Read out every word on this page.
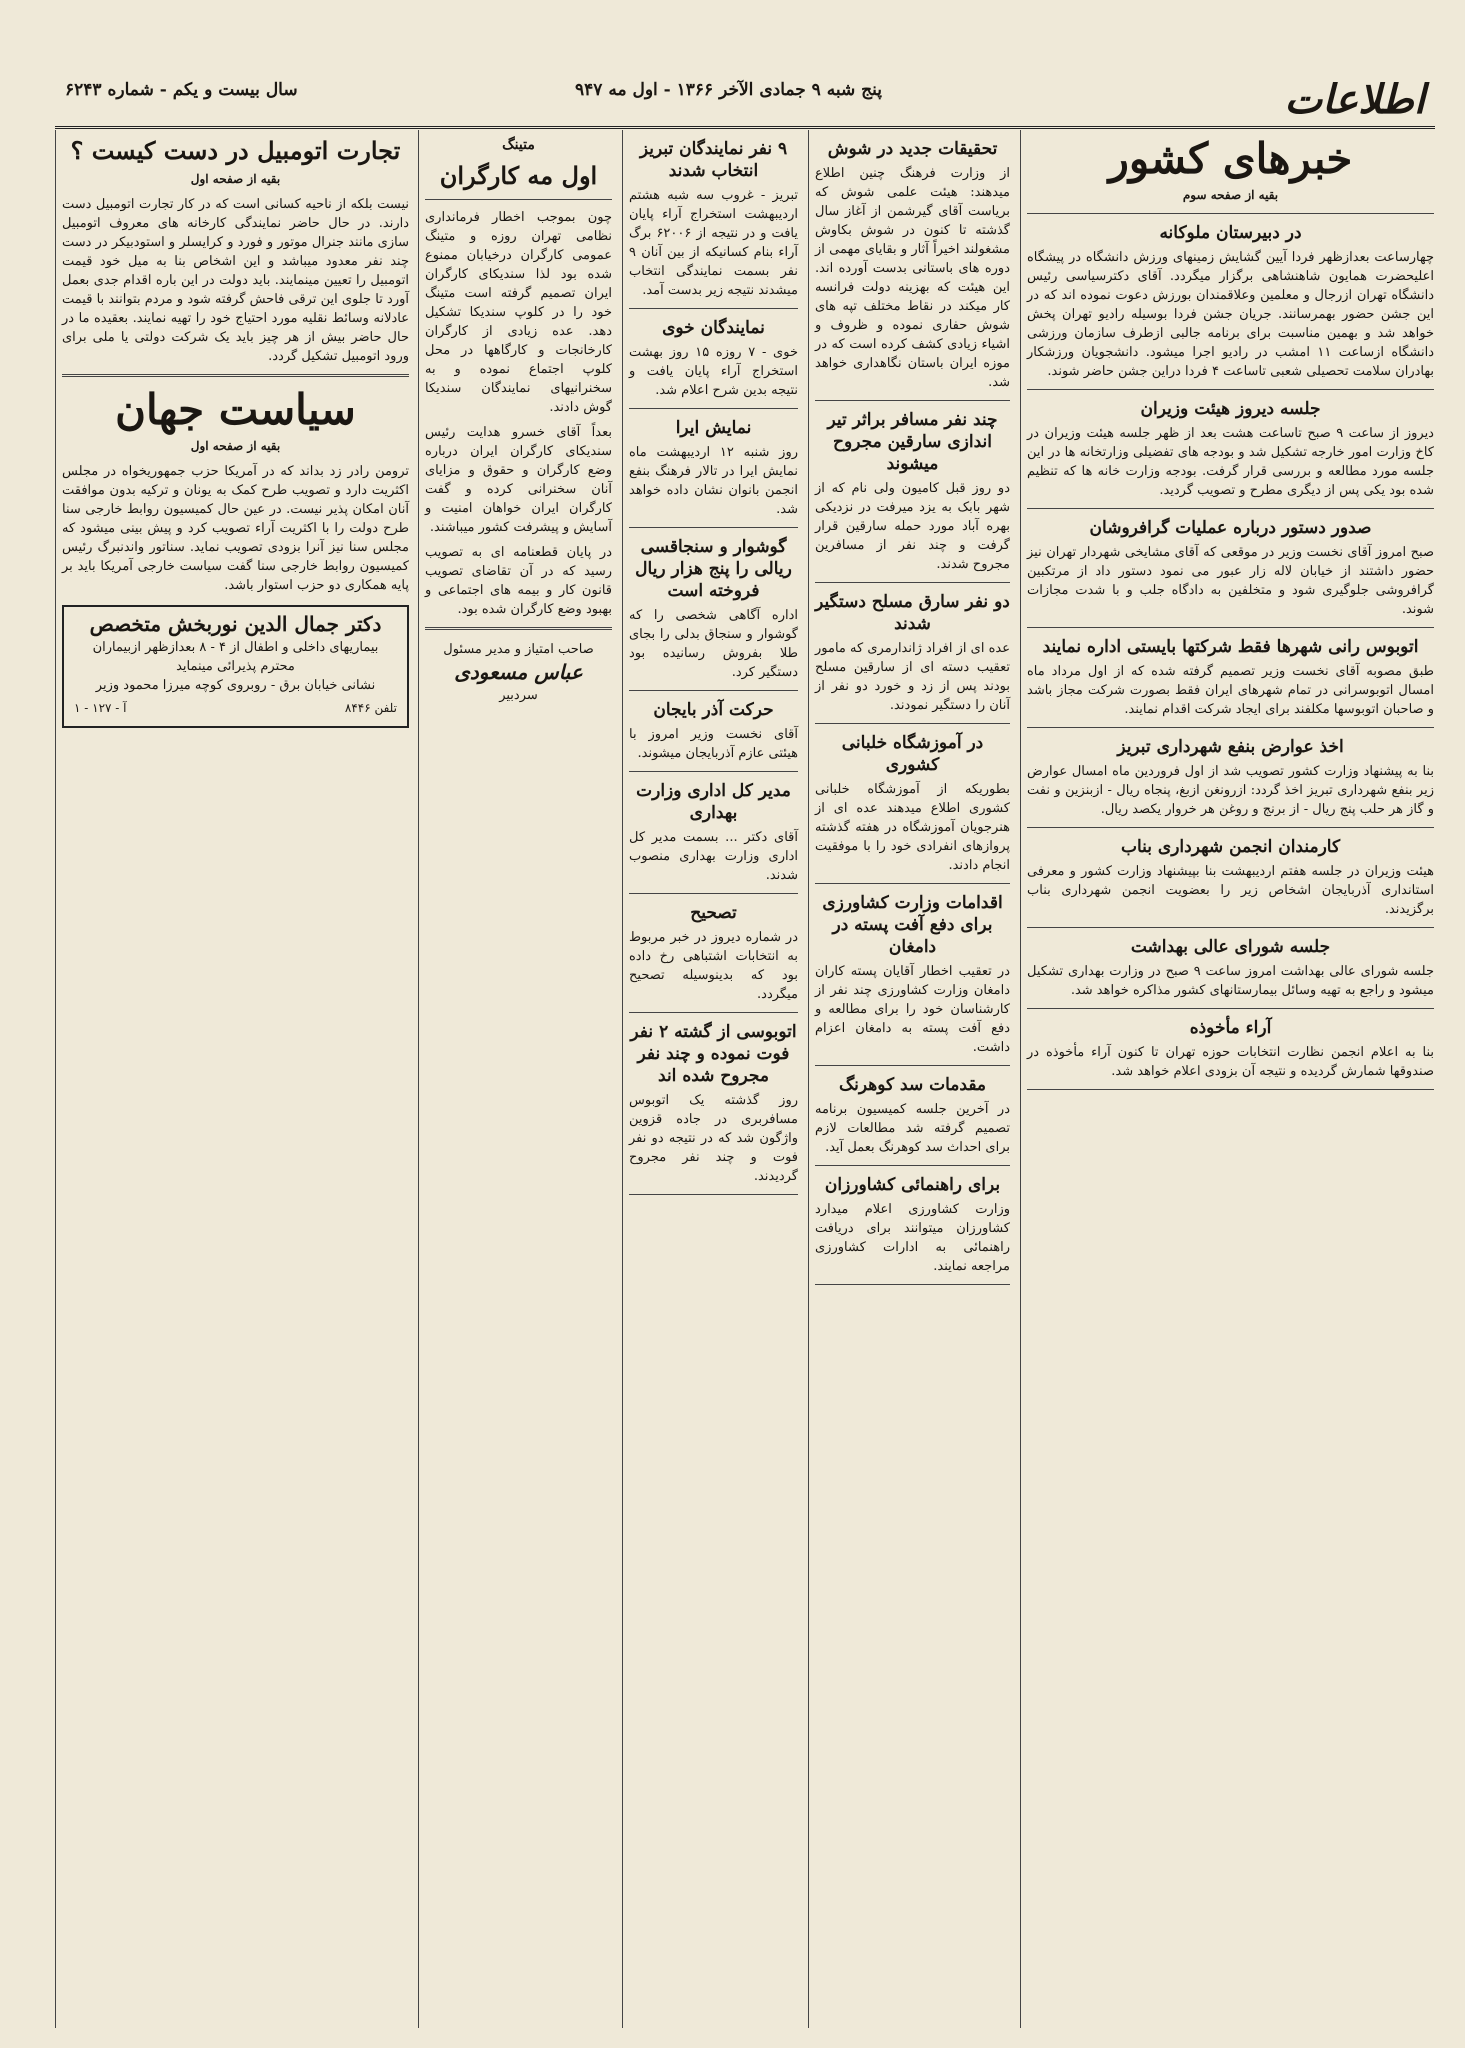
سال بیست و یکم - شماره ۶۲۴۳	پنج شبه ۹ جمادی الآخر ۱۳۶۶ - اول مه ۹۴۷	اطلاعات
خبرهای کشور
بقیه از صفحه سوم
در دبیرستان ملوکانه

چهارساعت بعدازظهر فردا آیین گشایش زمینهای ورزش دانشگاه در پیشگاه اعلیحضرت همایون شاهنشاهی برگزار میگردد. آقای دکترسیاسی رئیس دانشگاه تهران ازرجال و معلمین وعلاقمندان بورزش دعوت نموده اند که در این جشن حضور بهمرسانند. جریان جشن فردا بوسیله رادیو تهران پخش خواهد شد و بهمین مناسبت برای برنامه جالبی ازطرف سازمان ورزشی دانشگاه ازساعت ۱۱ امشب در رادیو اجرا میشود. دانشجویان ورزشکار بهادران سلامت تحصیلی شعبی تاساعت ۴ فردا دراین جشن حاضر شوند.

جلسه دیروز هیئت وزیران

دیروز از ساعت ۹ صبح تاساعت هشت بعد از ظهر جلسه هیئت وزیران در کاخ وزارت امور خارجه تشکیل شد و بودجه های تفضیلی وزارتخانه ها در این جلسه مورد مطالعه و بررسی قرار گرفت. بودجه وزارت خانه ها که تنظیم شده بود یکی پس از دیگری مطرح و تصویب گردید.

صدور دستور درباره عملیات گرافروشان

صبح امروز آقای نخست وزیر در موقعی که آقای مشایخی شهردار تهران نیز حضور داشتند از خیابان لاله زار عبور می نمود دستور داد از مرتکبین گرافروشی جلوگیری شود و متخلفین به دادگاه جلب و با شدت مجازات شوند.

اتوبوس رانی شهرها فقط شرکتها بایستی اداره نمایند

طبق مصوبه آقای نخست وزیر تصمیم گرفته شده که از اول مرداد ماه امسال اتوبوسرانی در تمام شهرهای ایران فقط بصورت شرکت مجاز باشد و صاحبان اتوبوسها مکلفند برای ایجاد شرکت اقدام نمایند.

اخذ عوارض بنفع شهرداری تبریز

بنا به پیشنهاد وزارت کشور تصویب شد از اول فروردین ماه امسال عوارض زیر بنفع شهرداری تبریز اخذ گردد: ازرونغن ازبغ، پنجاه ریال - ازبنزین و نفت و گاز هر حلب پنج ریال - از برنج و روغن هر خروار یکصد ریال.

کارمندان انجمن شهرداری بناب

هیئت وزیران در جلسه هفتم اردیبهشت بنا بپیشنهاد وزارت کشور و معرفی استانداری آذربایجان اشخاص زیر را بعضویت انجمن شهرداری بناب برگزیدند.

جلسه شورای عالی بهداشت

جلسه شورای عالی بهداشت امروز ساعت ۹ صبح در وزارت بهداری تشکیل میشود و راجع به تهیه وسائل بیمارستانهای کشور مذاکره خواهد شد.

آراء مأخوذه

بنا به اعلام انجمن نظارت انتخابات حوزه تهران تا کنون آراء مأخوذه در صندوقها شمارش گردیده و نتیجه آن بزودی اعلام خواهد شد.

تحقیقات جدید در شوش

از وزارت فرهنگ چنین اطلاع میدهند: هیئت علمی شوش که بریاست آقای گیرشمن از آغاز سال گذشته تا کنون در شوش بکاوش مشغولند اخیراً آثار و بقایای مهمی از دوره های باستانی بدست آورده اند. این هیئت که بهزینه دولت فرانسه کار میکند در نقاط مختلف تپه های شوش حفاری نموده و ظروف و اشیاء زیادی کشف کرده است که در موزه ایران باستان نگاهداری خواهد شد.

چند نفر مسافر براثر تیر اندازی سارقین مجروح میشوند

دو روز قبل کامیون ولی نام که از شهر بابک به یزد میرفت در نزدیکی بهره آباد مورد حمله سارقین قرار گرفت و چند نفر از مسافرین مجروح شدند.

دو نفر سارق مسلح دستگیر شدند

عده ای از افراد ژاندارمری که مامور تعقیب دسته ای از سارقین مسلح بودند پس از زد و خورد دو نفر از آنان را دستگیر نمودند.

در آموزشگاه خلبانی کشوری

بطوریکه از آموزشگاه خلبانی کشوری اطلاع میدهند عده ای از هنرجویان آموزشگاه در هفته گذشته پروازهای انفرادی خود را با موفقیت انجام دادند.

اقدامات وزارت کشاورزی برای دفع آفت پسته در دامغان

در تعقیب اخطار آقایان پسته کاران دامغان وزارت کشاورزی چند نفر از کارشناسان خود را برای مطالعه و دفع آفت پسته به دامغان اعزام داشت.

مقدمات سد کوهرنگ

در آخرین جلسه کمیسیون برنامه تصمیم گرفته شد مطالعات لازم برای احداث سد کوهرنگ بعمل آید.

برای راهنمائی کشاورزان

وزارت کشاورزی اعلام میدارد کشاورزان میتوانند برای دریافت راهنمائی به ادارات کشاورزی مراجعه نمایند.

۹ نفر نمایندگان تبریز انتخاب شدند

تبریز - غروب سه شبه هشتم اردیبهشت استخراج آراء پایان یافت و در نتیجه از ۶۲۰۰۶ برگ آراء بنام کسانیکه از بین آنان ۹ نفر بسمت نمایندگی انتخاب میشدند نتیجه زیر بدست آمد.

نمایندگان خوی

خوی - ۷ روزه ۱۵ روز بهشت استخراج آراء پایان یافت و نتیجه بدین شرح اعلام شد.

نمایش ایرا

روز شنبه ۱۲ اردیبهشت ماه نمایش ایرا در تالار فرهنگ بنفع انجمن بانوان نشان داده خواهد شد.

گوشوار و سنجاقسی ریالی را پنج هزار ریال فروخته است

اداره آگاهی شخصی را که گوشوار و سنجاق بدلی را بجای طلا بفروش رسانیده بود دستگیر کرد.

حرکت آذر بایجان

آقای نخست وزیر امروز با هیئتی عازم آذربایجان میشوند.

مدیر کل اداری وزارت بهداری

آقای دکتر ... بسمت مدیر کل اداری وزارت بهداری منصوب شدند.

تصحیح

در شماره دیروز در خبر مربوط به انتخابات اشتباهی رخ داده بود که بدینوسیله تصحیح میگردد.

اتوبوسی از گشته ۲ نفر فوت نموده و چند نفر مجروح شده اند

روز گذشته یک اتوبوس مسافربری در جاده قزوین واژگون شد که در نتیجه دو نفر فوت و چند نفر مجروح گردیدند.

متینگ
اول مه کارگران

چون بموجب اخطار فرمانداری نظامی تهران روزه و متینگ عمومی کارگران درخیابان ممنوع شده بود لذا سندیکای کارگران ایران تصمیم گرفته است متینگ خود را در کلوپ سندیکا تشکیل دهد. عده زیادی از کارگران کارخانجات و کارگاهها در محل کلوپ اجتماع نموده و به سخنرانیهای نمایندگان سندیکا گوش دادند.

بعداً آقای خسرو هدایت رئیس سندیکای کارگران ایران درباره وضع کارگران و حقوق و مزایای آنان سخنرانی کرده و گفت کارگران ایران خواهان امنیت و آسایش و پیشرفت کشور میباشند.

در پایان قطعنامه ای به تصویب رسید که در آن تقاضای تصویب قانون کار و بیمه های اجتماعی و بهبود وضع کارگران شده بود.

صاحب امتیاز و مدیر مسئول
عباس مسعودی
سردبیر
تجارت اتومبیل در دست کیست ؟
بقیه از صفحه اول

نیست بلکه از ناحیه کسانی است که در کار تجارت اتومبیل دست دارند. در حال حاضر نمایندگی کارخانه های معروف اتومبیل سازی مانند جنرال موتور و فورد و کرایسلر و استودبیکر در دست چند نفر معدود میباشد و این اشخاص بنا به میل خود قیمت اتومبیل را تعیین مینمایند. باید دولت در این باره اقدام جدی بعمل آورد تا جلوی این ترقی فاحش گرفته شود و مردم بتوانند با قیمت عادلانه وسائط نقلیه مورد احتیاج خود را تهیه نمایند. بعقیده ما در حال حاضر بیش از هر چیز باید یک شرکت دولتی یا ملی برای ورود اتومبیل تشکیل گردد.

سیاست جهان
بقیه از صفحه اول

ترومن رادر زد بداند که در آمریکا حزب جمهوریخواه در مجلس اکثریت دارد و تصویب طرح کمک به یونان و ترکیه بدون موافقت آنان امکان پذیر نیست. در عین حال کمیسیون روابط خارجی سنا طرح دولت را با اکثریت آراء تصویب کرد و پیش بینی میشود که مجلس سنا نیز آنرا بزودی تصویب نماید. سناتور واندنبرگ رئیس کمیسیون روابط خارجی سنا گفت سیاست خارجی آمریکا باید بر پایه همکاری دو حزب استوار باشد.

دکتر جمال الدین نوربخش متخصص
بیماریهای داخلی و اطفال از ۴ - ۸ بعدازظهر ازبیماران محترم پذیرائی مینماید
نشانی خیابان برق - روبروی کوچه میرزا محمود وزیر
تلفن ۸۴۴۶
آ - ۱۲۷ - ۱
